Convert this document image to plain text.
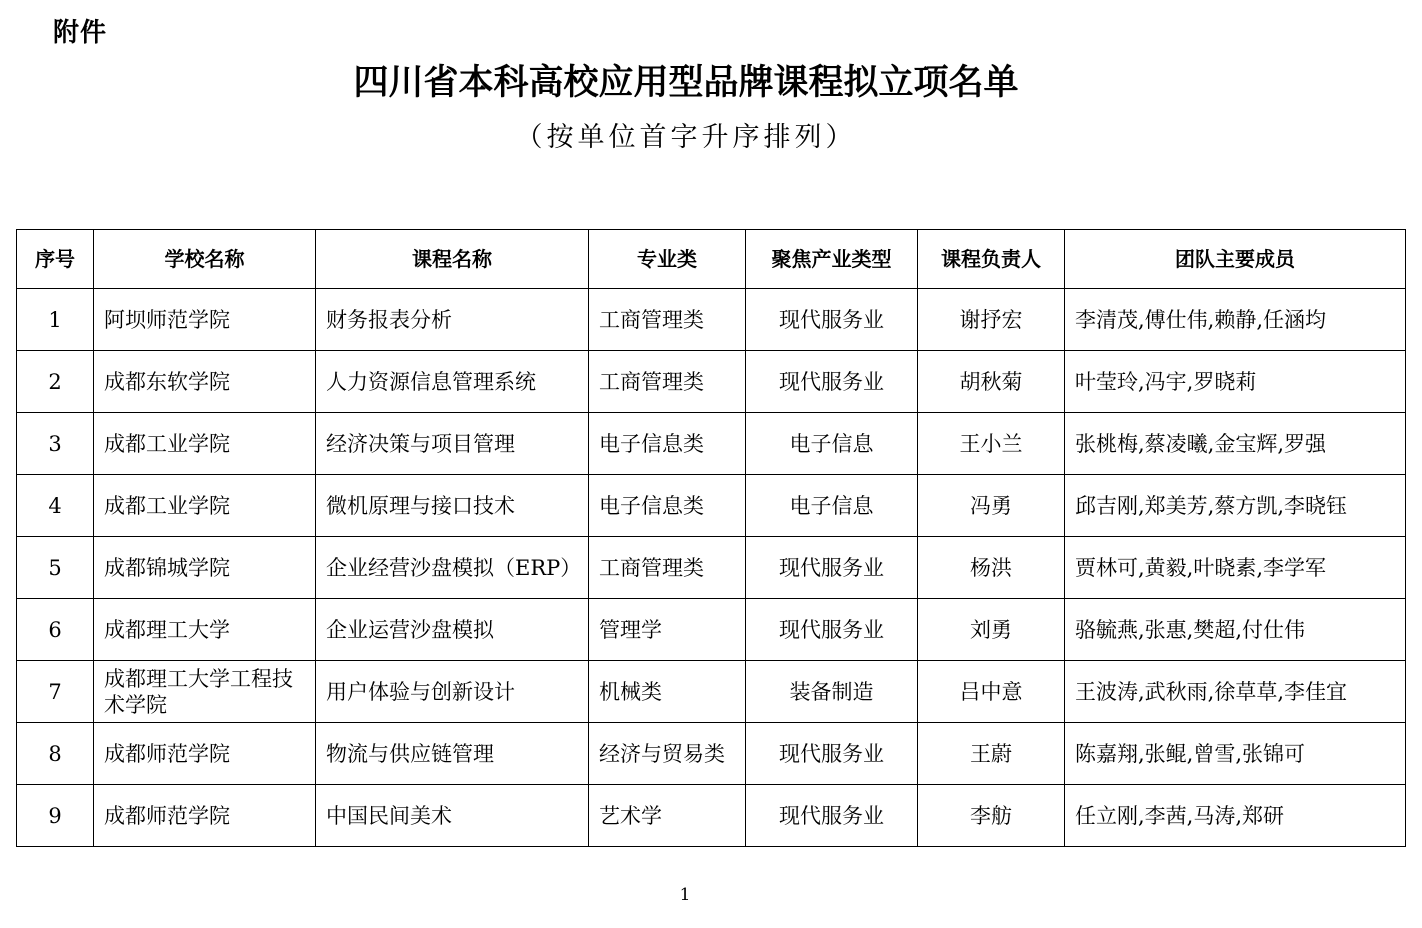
附件
四川省本科高校应用型品牌课程拟立项名单
（按单位首字升序排列）
序号	学校名称	课程名称	专业类	聚焦产业类型	课程负责人	团队主要成员
1	阿坝师范学院	财务报表分析	工商管理类	现代服务业	谢抒宏	李清茂,傅仕伟,赖静,任涵均
2	成都东软学院	人力资源信息管理系统	工商管理类	现代服务业	胡秋菊	叶莹玲,冯宇,罗晓莉
3	成都工业学院	经济决策与项目管理	电子信息类	电子信息	王小兰	张桃梅,蔡凌曦,金宝辉,罗强
4	成都工业学院	微机原理与接口技术	电子信息类	电子信息	冯勇	邱吉刚,郑美芳,蔡方凯,李晓钰
5	成都锦城学院	企业经营沙盘模拟（ERP）	工商管理类	现代服务业	杨洪	贾林可,黄毅,叶晓素,李学军
6	成都理工大学	企业运营沙盘模拟	管理学	现代服务业	刘勇	骆毓燕,张惠,樊超,付仕伟
7	成都理工大学工程技术学院	用户体验与创新设计	机械类	装备制造	吕中意	王波涛,武秋雨,徐草草,李佳宜
8	成都师范学院	物流与供应链管理	经济与贸易类	现代服务业	王蔚	陈嘉翔,张鲲,曾雪,张锦可
9	成都师范学院	中国民间美术	艺术学	现代服务业	李舫	任立刚,李茜,马涛,郑研
1
